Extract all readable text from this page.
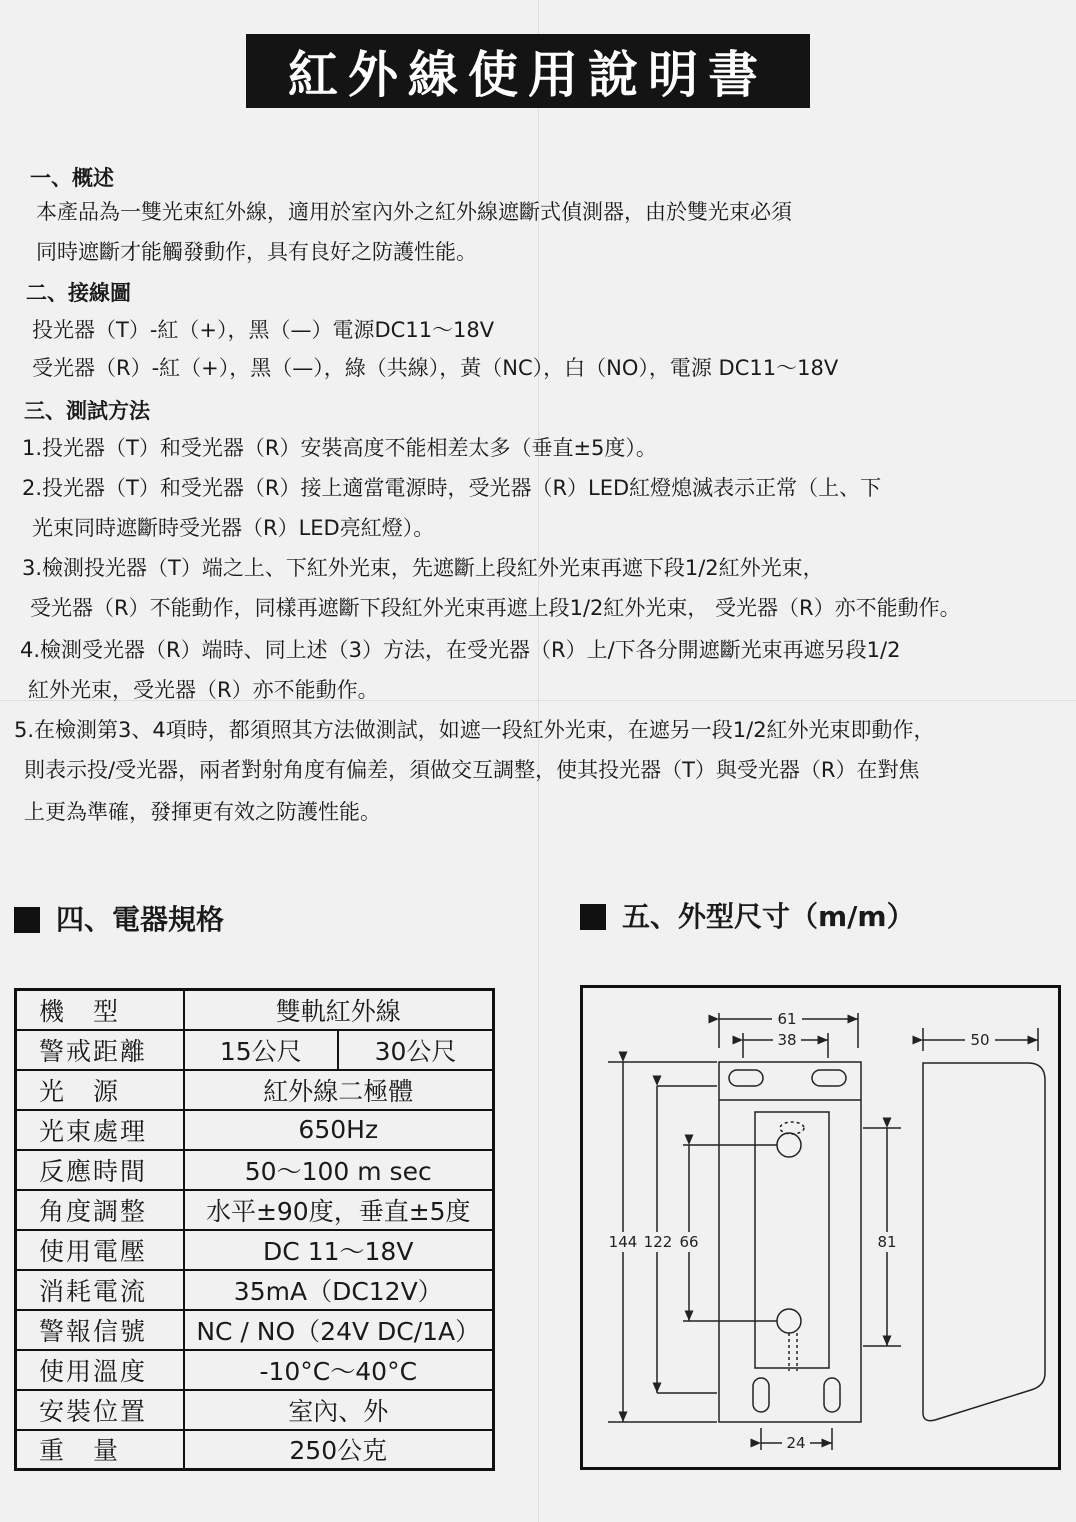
紅外線使用說明書
一、概述
本產品為一雙光束紅外線，適用於室內外之紅外線遮斷式偵測器，由於雙光束必須
同時遮斷才能觸發動作，具有良好之防護性能。
二、接線圖
投光器（T）-紅（+），黑（—）電源DC11～18V
受光器（R）-紅（+），黑（—），綠（共線），黃（NC），白（NO），電源 DC11～18V
三、測試方法
1.投光器（T）和受光器（R）安裝高度不能相差太多（垂直±5度）。
2.投光器（T）和受光器（R）接上適當電源時，受光器（R）LED紅燈熄滅表示正常（上、下
光束同時遮斷時受光器（R）LED亮紅燈）。
3.檢測投光器（T）端之上、下紅外光束，先遮斷上段紅外光束再遮下段1/2紅外光束，
受光器（R）不能動作，同樣再遮斷下段紅外光束再遮上段1/2紅外光束， 受光器（R）亦不能動作。
4.檢測受光器（R）端時、同上述（3）方法，在受光器（R）上/下各分開遮斷光束再遮另段1/2
紅外光束，受光器（R）亦不能動作。
5.在檢測第3、4項時，都須照其方法做測試，如遮一段紅外光束，在遮另一段1/2紅外光束即動作，
則表示投/受光器，兩者對射角度有偏差，須做交互調整，使其投光器（T）與受光器（R）在對焦
上更為準確，發揮更有效之防護性能。
四、電器規格	五、外型尺寸（m/m）
機　型	雙軌紅外線	
警戒距離	15公尺	30公尺
光　源	紅外線二極體	
光束處理	650Hz	
反應時間	50～100 m sec	
角度調整	水平±90度，垂直±5度	
使用電壓	DC 11～18V	
消耗電流	35mA（DC12V）	
警報信號	NC / NO（24V DC/1A）	
使用溫度	-10°C～40°C	
安裝位置	室內、外	
重　量	250公克	
61
38	50
144 122 66	81
24
